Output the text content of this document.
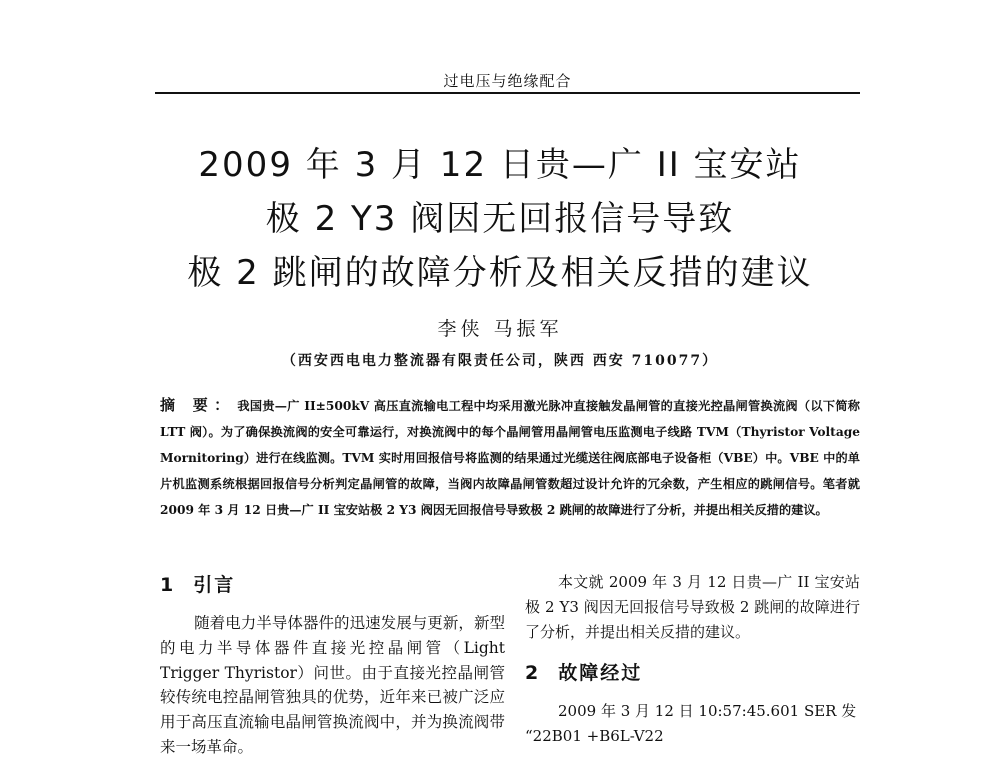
过电压与绝缘配合
2009 年 3 月 12 日贵—广 II 宝安站
极 2 Y3 阀因无回报信号导致
极 2 跳闸的故障分析及相关反措的建议
李侠 马振军
（西安西电电力整流器有限责任公司，陕西 西安 710077）
摘 要： 我国贵—广 II±500kV 高压直流输电工程中均采用激光脉冲直接触发晶闸管的直接光控晶闸管换流阀（以下简称 LTT 阀）。为了确保换流阀的安全可靠运行，对换流阀中的每个晶闸管用晶闸管电压监测电子线路 TVM（Thyristor Voltage Mornitoring）进行在线监测。TVM 实时用回报信号将监测的结果通过光缆送往阀底部电子设备柜（VBE）中。VBE 中的单片机监测系统根据回报信号分析判定晶闸管的故障，当阀内故障晶闸管数超过设计允许的冗余数，产生相应的跳闸信号。笔者就 2009 年 3 月 12 日贵—广 II 宝安站极 2 Y3 阀因无回报信号导致极 2 跳闸的故障进行了分析，并提出相关反措的建议。
1 引言

随着电力半导体器件的迅速发展与更新，新型的电力半导体器件直接光控晶闸管（Light Trigger Thyristor）问世。由于直接光控晶闸管较传统电控晶闸管独具的优势，近年来已被广泛应用于高压直流输电晶闸管换流阀中，并为换流阀带来一场革命。

本文就 2009 年 3 月 12 日贵—广 II 宝安站极 2 Y3 阀因无回报信号导致极 2 跳闸的故障进行了分析，并提出相关反措的建议。

2 故障经过

2009 年 3 月 12 日 10:57:45.601 SER 发

“22B01 +B6L-V22
